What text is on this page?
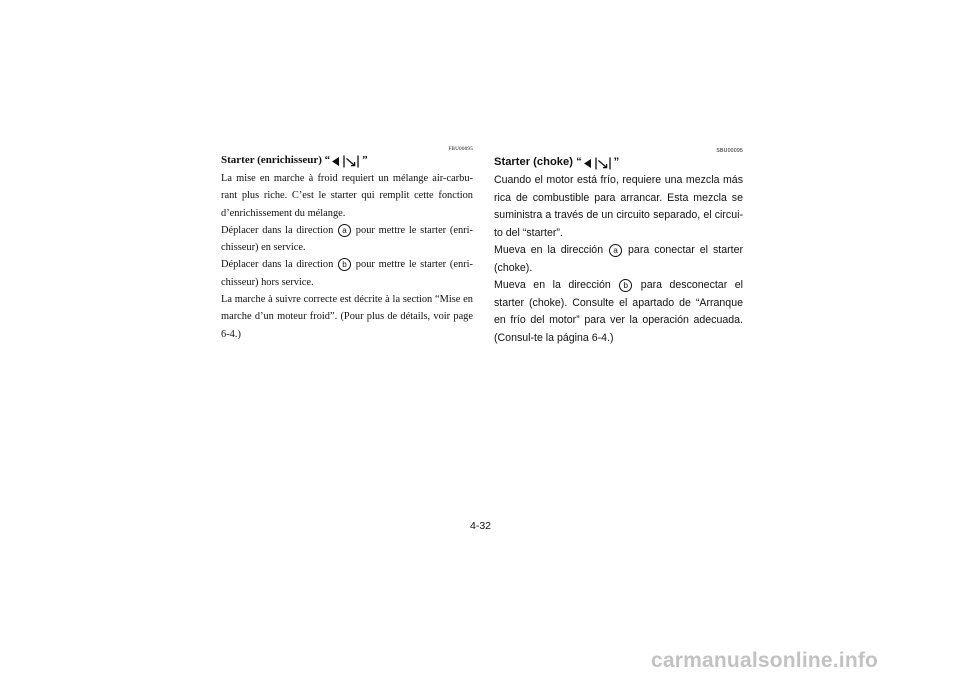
FBU00095
Starter (enrichisseur) “	”

La mise en marche à froid requiert un mélange air-carbu-rant plus riche. C’est le starter qui remplit cette fonction d’enrichissement du mélange.

Déplacer dans la direction a pour mettre le starter (enri-chisseur) en service.

Déplacer dans la direction b pour mettre le starter (enri-chisseur) hors service.

La marche à suivre correcte est décrite à la section “Mise en marche d’un moteur froid”. (Pour plus de détails, voir page 6-4.)

SBU00095
Starter (choke) “	”

Cuando el motor está frío, requiere una mezcla más rica de combustible para arrancar. Esta mezcla se suministra a través de un circuito separado, el circui-to del “starter”.

Mueva en la dirección a para conectar el starter (choke).

Mueva en la dirección b para desconectar el starter (choke). Consulte el apartado de “Arranque en frío del motor” para ver la operación adecuada. (Consul-te la página 6-4.)

4-32
carmanualsonline.info
